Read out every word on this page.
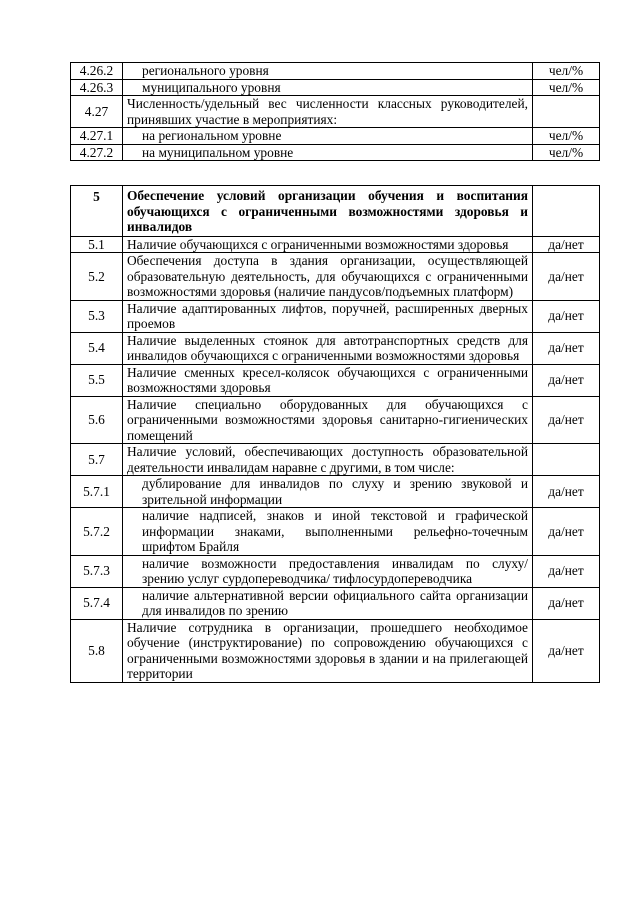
4.26.2	регионального уровня	чел/%
4.26.3	муниципального уровня	чел/%
4.27	Численность/удельный вес численности классных руководителей, принявших участие в мероприятиях:	
4.27.1	на региональном уровне	чел/%
4.27.2	на муниципальном уровне	чел/%
5	Обеспечение условий организации обучения и воспитания обучающихся с ограниченными возможностями здоровья и инвалидов	
5.1	Наличие обучающихся с ограниченными возможностями здоровья	да/нет
5.2	Обеспечения доступа в здания организации, осуществляющей образовательную деятельность, для обучающихся с ограниченными возможностями здоровья (наличие пандусов/подъемных платформ)	да/нет
5.3	Наличие адаптированных лифтов, поручней, расширенных дверных проемов	да/нет
5.4	Наличие выделенных стоянок для автотранспортных средств для инвалидов обучающихся с ограниченными возможностями здоровья	да/нет
5.5	Наличие сменных кресел-колясок обучающихся с ограниченными возможностями здоровья	да/нет
5.6	Наличие специально оборудованных для обучающихся с ограниченными возможностями здоровья санитарно-гигиенических помещений	да/нет
5.7	Наличие условий, обеспечивающих доступность образовательной деятельности инвалидам наравне с другими, в том числе:	
5.7.1	дублирование для инвалидов по слуху и зрению звуковой и зрительной информации	да/нет
5.7.2	наличие надписей, знаков и иной текстовой и графической информации знаками, выполненными рельефно-точечным шрифтом Брайля	да/нет
5.7.3	наличие возможности предоставления инвалидам по слуху/ зрению услуг сурдопереводчика/ тифлосурдопереводчика	да/нет
5.7.4	наличие альтернативной версии официального сайта организации для инвалидов по зрению	да/нет
5.8	Наличие сотрудника в организации, прошедшего необходимое обучение (инструктирование) по сопровождению обучающихся с ограниченными возможностями здоровья в здании и на прилегающей территории	да/нет
